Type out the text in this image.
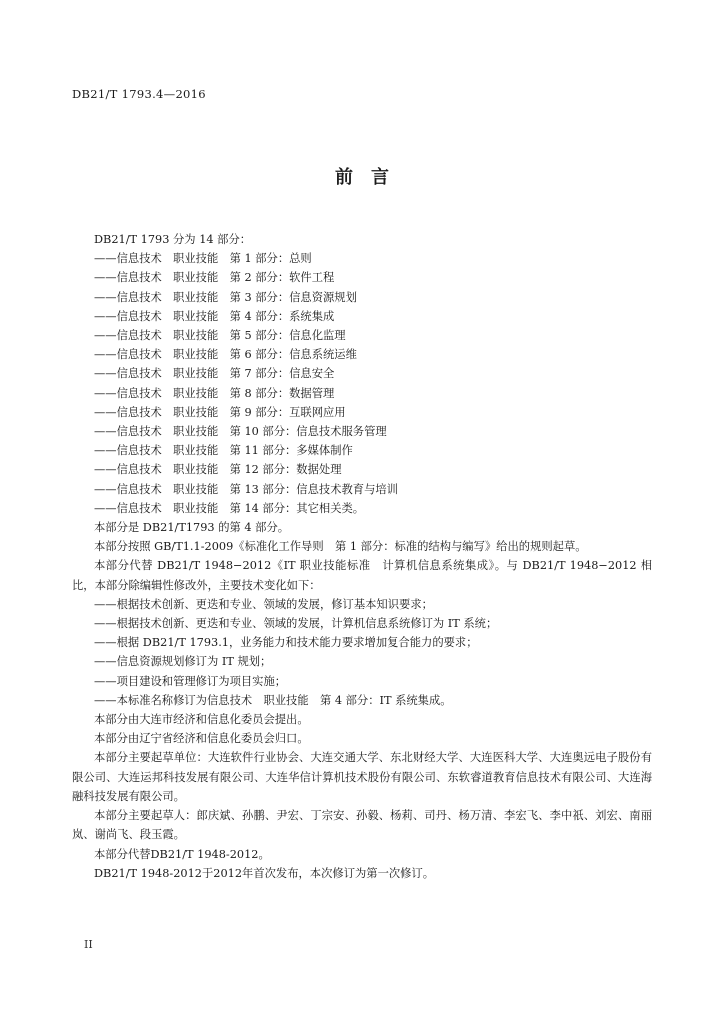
DB21/T 1793.4—2016
前言
DB21/T 1793 分为 14 部分：
——信息技术　职业技能　第 1 部分：总则
——信息技术　职业技能　第 2 部分：软件工程
——信息技术　职业技能　第 3 部分：信息资源规划
——信息技术　职业技能　第 4 部分：系统集成
——信息技术　职业技能　第 5 部分：信息化监理
——信息技术　职业技能　第 6 部分：信息系统运维
——信息技术　职业技能　第 7 部分：信息安全
——信息技术　职业技能　第 8 部分：数据管理
——信息技术　职业技能　第 9 部分：互联网应用
——信息技术　职业技能　第 10 部分：信息技术服务管理
——信息技术　职业技能　第 11 部分：多媒体制作
——信息技术　职业技能　第 12 部分：数据处理
——信息技术　职业技能　第 13 部分：信息技术教育与培训
——信息技术　职业技能　第 14 部分：其它相关类。
本部分是 DB21/T1793 的第 4 部分。
本部分按照 GB/T1.1-2009《标准化工作导则　第 1 部分：标准的结构与编写》给出的规则起草。
本部分代替 DB21/T 1948−2012《IT 职业技能标准　计算机信息系统集成》。与 DB21/T 1948−2012 相比，本部分除编辑性修改外，主要技术变化如下：
——根据技术创新、更迭和专业、领域的发展，修订基本知识要求；
——根据技术创新、更迭和专业、领域的发展，计算机信息系统修订为 IT 系统；
——根据 DB21/T 1793.1，业务能力和技术能力要求增加复合能力的要求；
——信息资源规划修订为 IT 规划；
——项目建设和管理修订为项目实施；
——本标准名称修订为信息技术　职业技能　第 4 部分：IT 系统集成。
本部分由大连市经济和信息化委员会提出。
本部分由辽宁省经济和信息化委员会归口。
本部分主要起草单位：大连软件行业协会、大连交通大学、东北财经大学、大连医科大学、大连奥远电子股份有限公司、大连运邦科技发展有限公司、大连华信计算机技术股份有限公司、东软睿道教育信息技术有限公司、大连海融科技发展有限公司。
本部分主要起草人：郎庆斌、孙鹏、尹宏、丁宗安、孙毅、杨莉、司丹、杨万清、李宏飞、李中祇、刘宏、南丽岚、谢尚飞、段玉霞。
本部分代替DB21/T 1948-2012。
DB21/T 1948-2012于2012年首次发布，本次修订为第一次修订。
II
